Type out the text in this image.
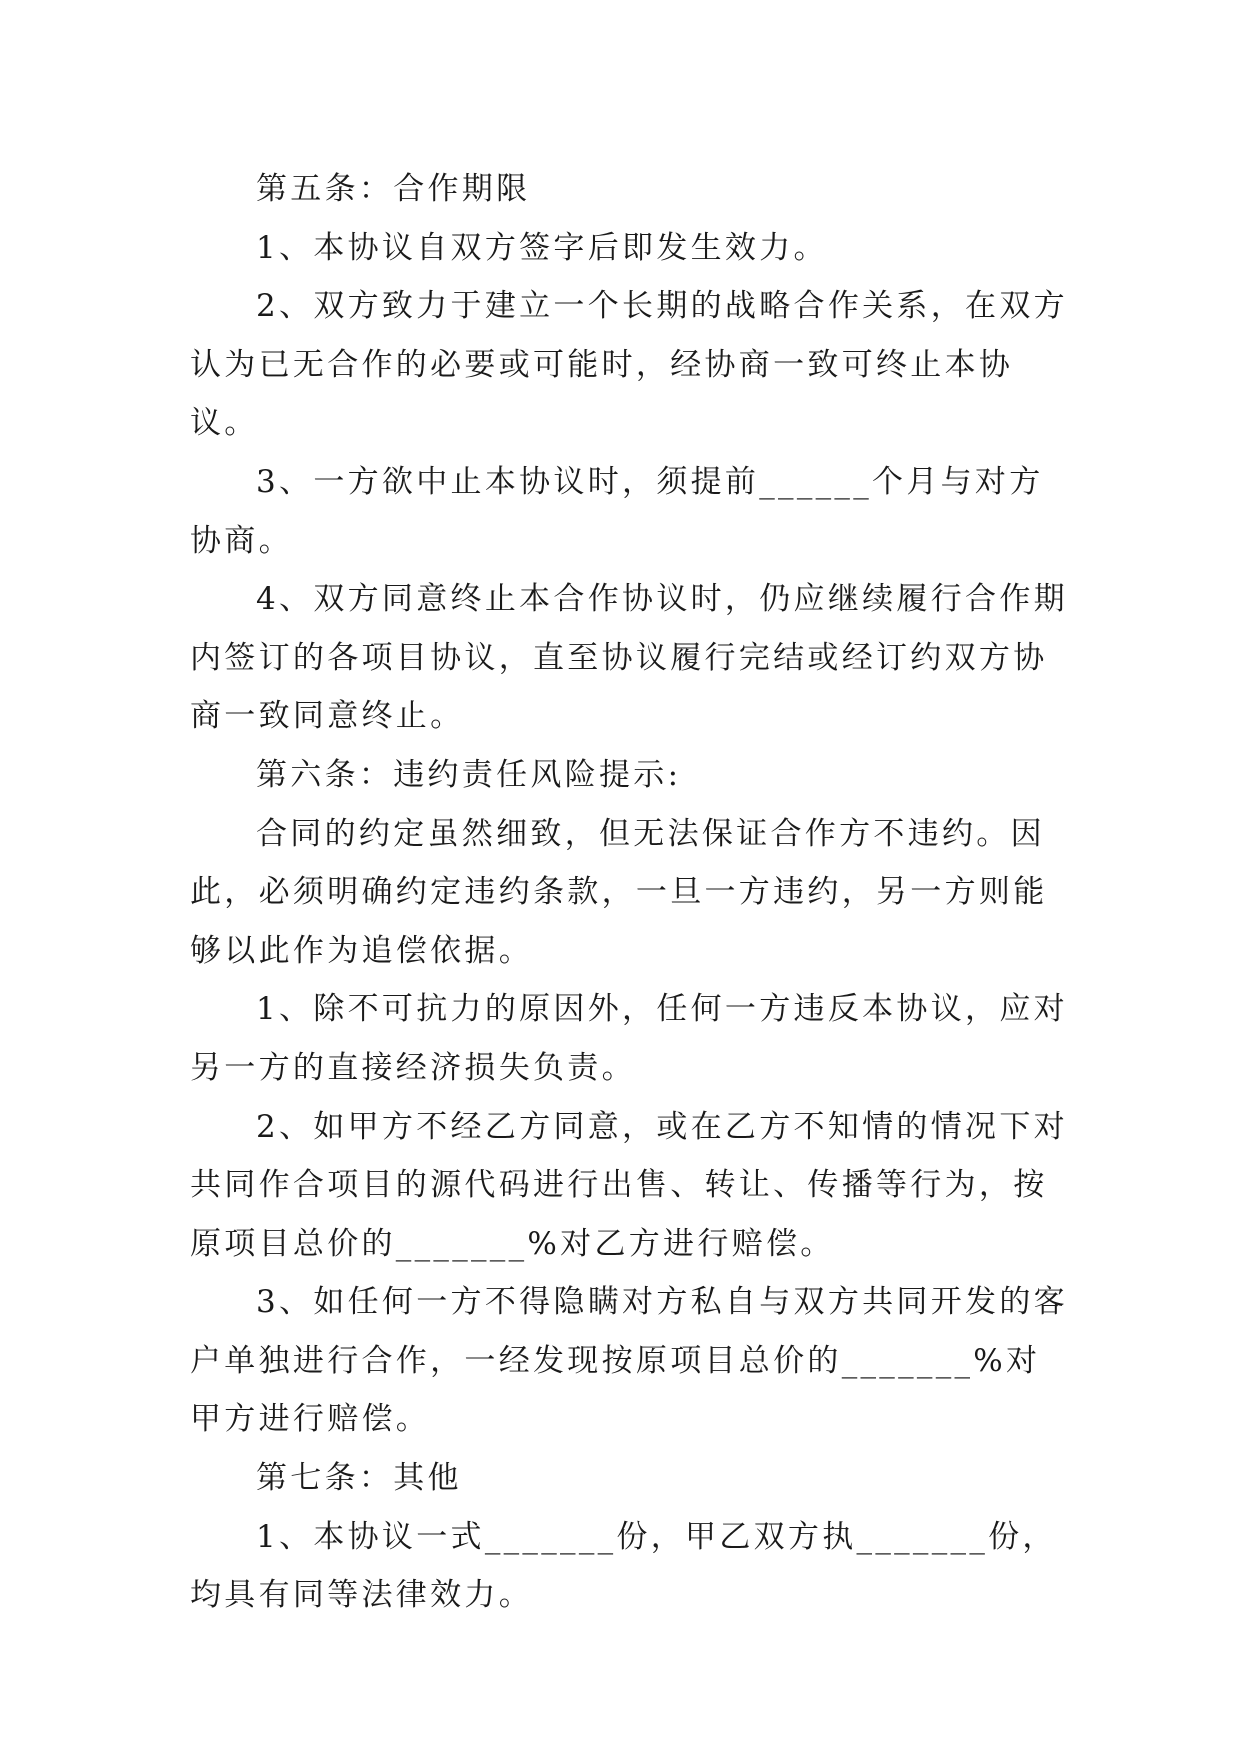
第五条：合作期限

1、本协议自双方签字后即发生效力。

2、双方致力于建立一个长期的战略合作关系，在双方认为已无合作的必要或可能时，经协商一致可终止本协议。

3、一方欲中止本协议时，须提前______个月与对方协商。

4、双方同意终止本合作协议时，仍应继续履行合作期内签订的各项目协议，直至协议履行完结或经订约双方协商一致同意终止。

第六条：违约责任风险提示:

合同的约定虽然细致，但无法保证合作方不违约。因此，必须明确约定违约条款，一旦一方违约，另一方则能够以此作为追偿依据。

1、除不可抗力的原因外，任何一方违反本协议，应对另一方的直接经济损失负责。

2、如甲方不经乙方同意，或在乙方不知情的情况下对共同作合项目的源代码进行出售、转让、传播等行为，按原项目总价的_______%对乙方进行赔偿。

3、如任何一方不得隐瞒对方私自与双方共同开发的客户单独进行合作，一经发现按原项目总价的_______%对甲方进行赔偿。

第七条：其他

1、本协议一式_______份，甲乙双方执_______份，均具有同等法律效力。
